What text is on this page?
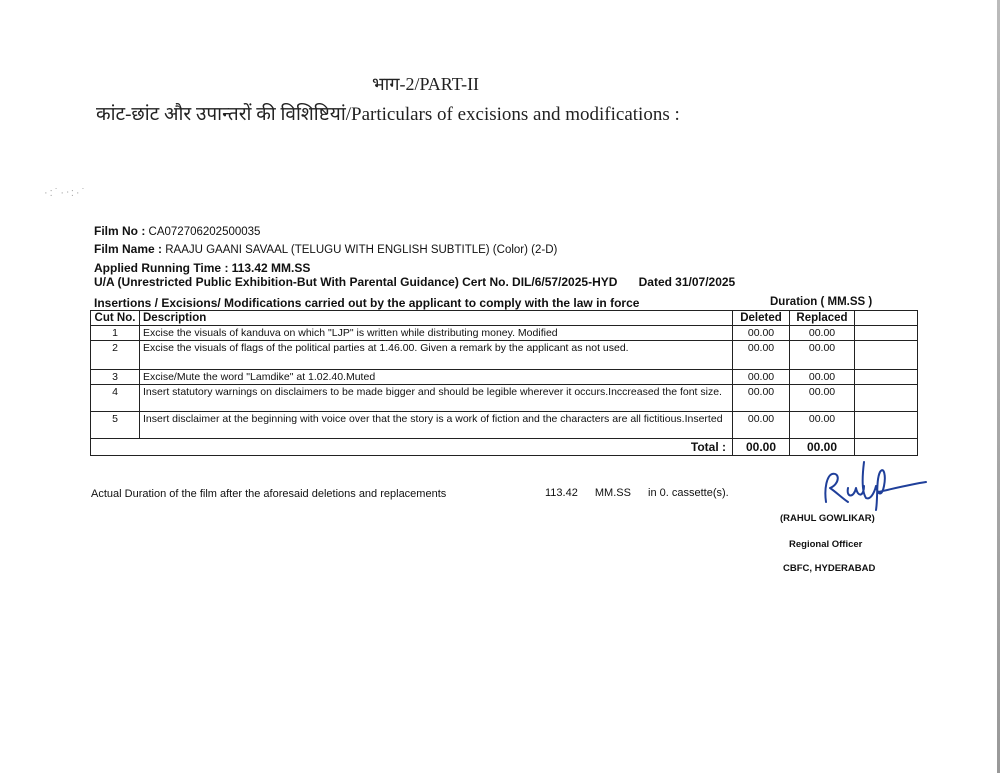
भाग-2/PART-II
कांट-छांट और उपान्तरों की विशिष्टियां/Particulars of excisions and modifications :
·:˙·ᐧ:·˙
Film No : CA072706202500035
Film Name : RAAJU GAANI SAVAAL (TELUGU WITH ENGLISH SUBTITLE) (Color) (2-D)
Applied Running Time : 113.42 MM.SS
U/A (Unrestricted Public Exhibition-But With Parental Guidance) Cert No. DIL/6/57/2025-HYD Dated 31/07/2025
Insertions / Excisions/ Modifications carried out by the applicant to comply with the law in force	Duration ( MM.SS )
Cut No.	Description	Deleted	Replaced	
1	Excise the visuals of kanduva on which "LJP" is written while distributing money. Modified	00.00	00.00	
2	Excise the visuals of flags of the political parties at 1.46.00. Given a remark by the applicant as not used.	00.00	00.00	
3	Excise/Mute the word "Lamdike" at 1.02.40.Muted	00.00	00.00	
4	Insert statutory warnings on disclaimers to be made bigger and should be legible wherever it occurs.Inccreased the font size.	00.00	00.00	
5	Insert disclaimer at the beginning with voice over that the story is a work of fiction and the characters are all fictitious.Inserted	00.00	00.00	
Total :		00.00	00.00	
Actual Duration of the film after the aforesaid deletions and replacements	113.42 MM.SS in 0. cassette(s).
(RAHUL GOWLIKAR)
Regional Officer
CBFC, HYDERABAD
